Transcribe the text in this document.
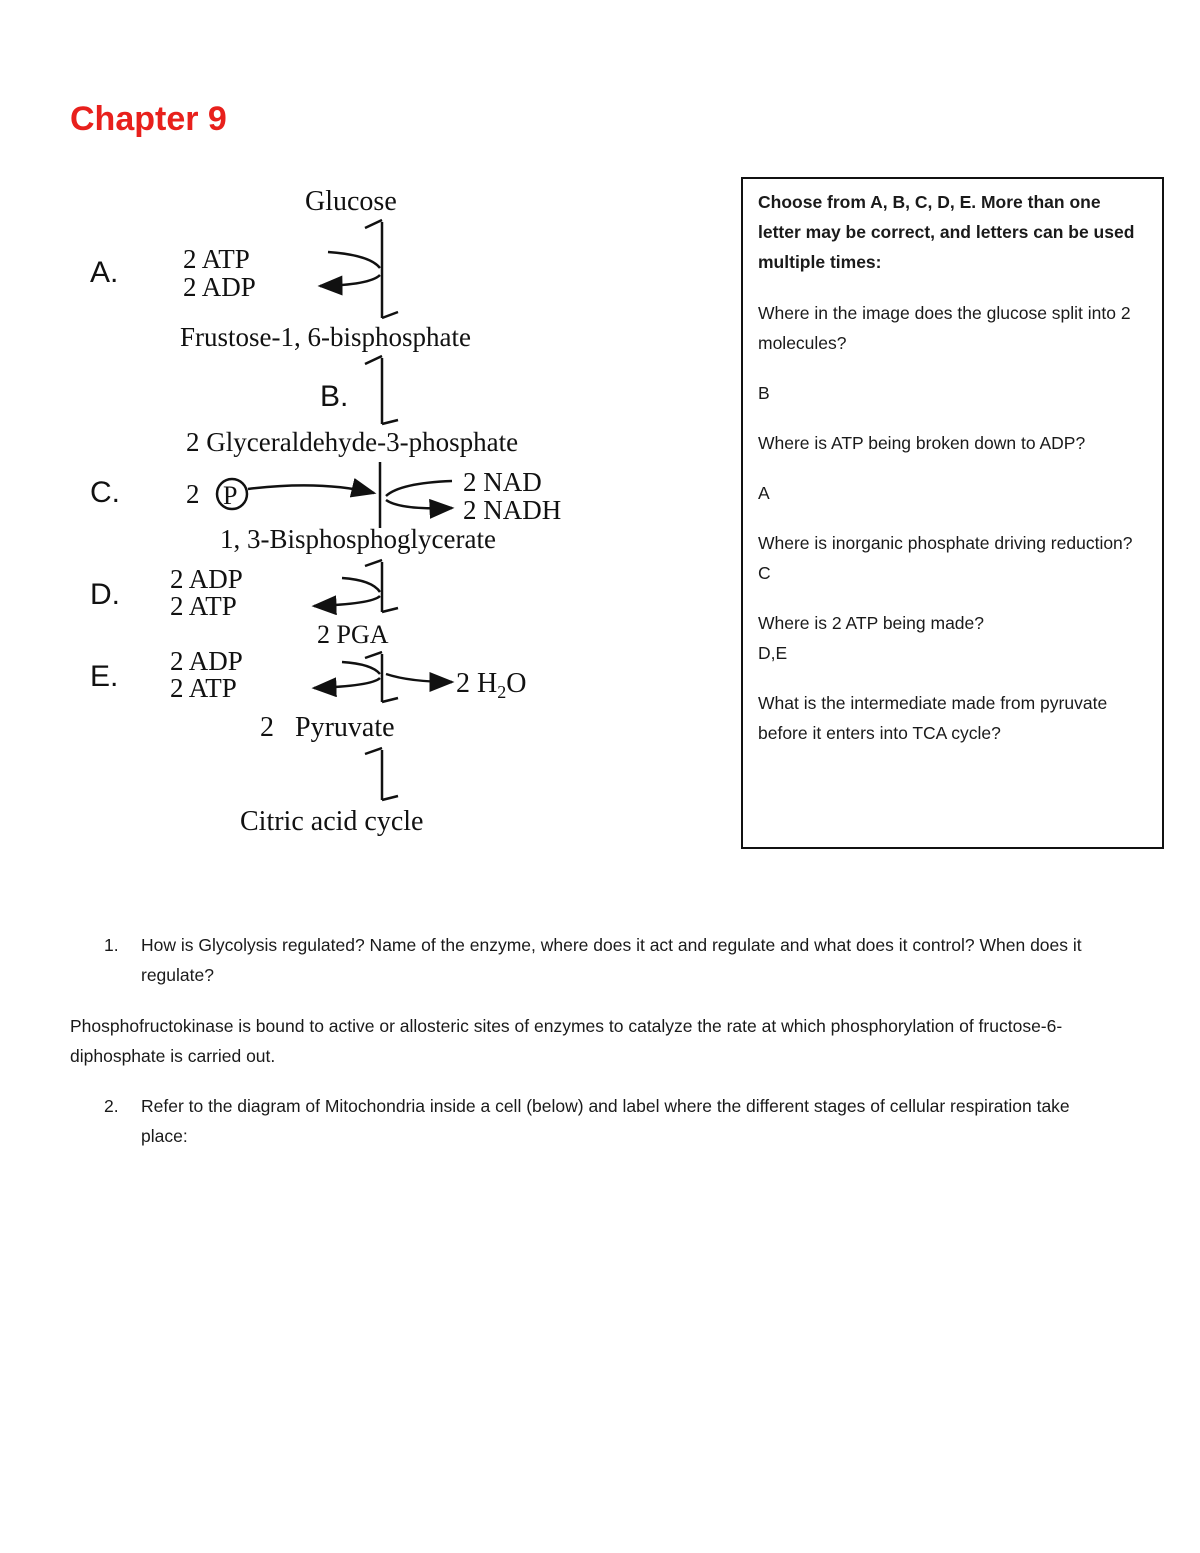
Chapter 9
Glucose
A. 2 ATP
2 ADP
Frustose-1, 6-bisphosphate
B.
2 Glyceraldehyde-3-phosphate
C. 2 P	2 NAD
2 NADH
1, 3-Bisphosphoglycerate
D. 2 ADP
2 ATP
2 PGA
E. 2 ADP
2 ATP	2 $H_2O$
2   Pyruvate
Citric acid cycle

Choose from A, B, C, D, E. More than one letter may be correct, and letters can be used multiple times:

Where in the image does the glucose split into 2 molecules?

B

Where is ATP being broken down to ADP?

A

Where is inorganic phosphate driving reduction?

C

Where is 2 ATP being made?

D,E

What is the intermediate made from pyruvate before it enters into TCA cycle?

1.	How is Glycolysis regulated? Name of the enzyme, where does it act and regulate and what does it control? When does it regulate?
Phosphofructokinase is bound to active or allosteric sites of enzymes to catalyze the rate at which phosphorylation of fructose-6-diphosphate is carried out.
2.	Refer to the diagram of Mitochondria inside a cell (below) and label where the different stages of cellular respiration take place:
